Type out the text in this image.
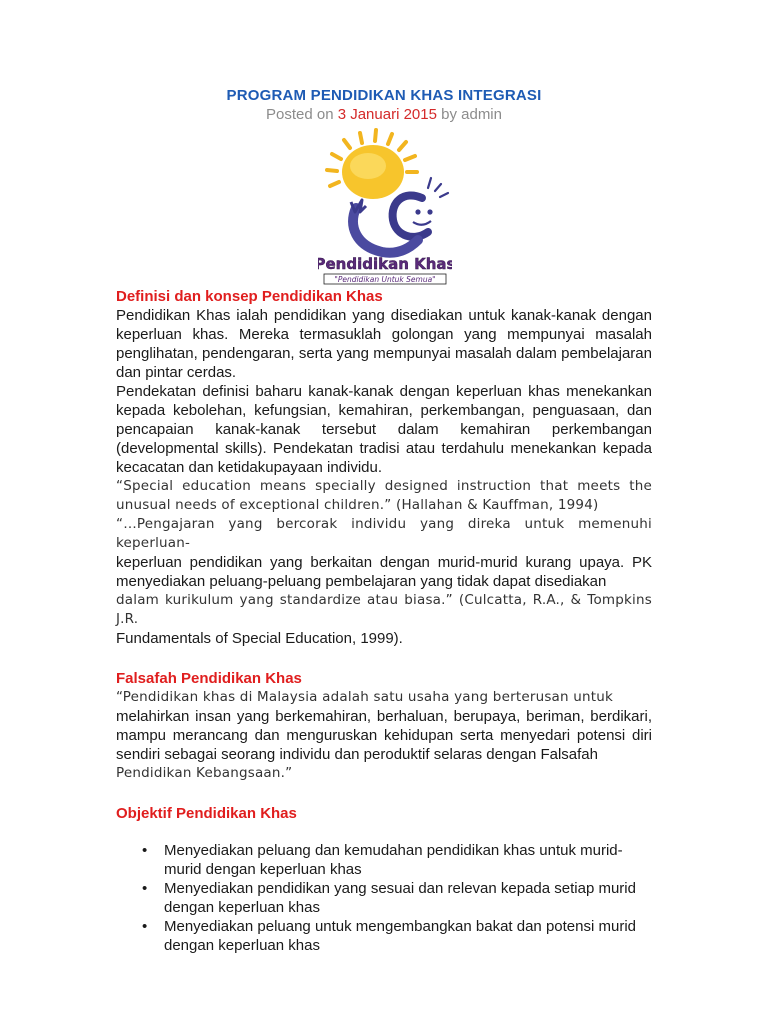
PROGRAM PENDIDIKAN KHAS INTEGRASI
Posted on 3 Januari 2015 by admin
Pendidikan Khas
"Pendidikan Untuk Semua"
Definisi dan konsep Pendidikan Khas

Pendidikan Khas ialah pendidikan yang disediakan untuk kanak-kanak dengan keperluan khas. Mereka termasuklah golongan yang mempunyai masalah penglihatan, pendengaran, serta yang mempunyai masalah dalam pembelajaran dan pintar cerdas.

Pendekatan definisi baharu kanak-kanak dengan keperluan khas menekankan kepada kebolehan, kefungsian, kemahiran, perkembangan, penguasaan, dan pencapaian kanak-kanak tersebut dalam kemahiran perkembangan (developmental skills). Pendekatan tradisi atau terdahulu menekankan kepada kecacatan dan ketidakupayaan individu.

“Special education means specially designed instruction that meets the unusual needs of exceptional children.” (Hallahan & Kauffman, 1994)

“…Pengajaran yang bercorak individu yang direka untuk memenuhi keperluan-

keperluan pendidikan yang berkaitan dengan murid-murid kurang upaya. PK menyediakan peluang-peluang pembelajaran yang tidak dapat disediakan

dalam kurikulum yang standardize atau biasa.” (Culcatta, R.A., & Tompkins J.R.

Fundamentals of Special Education, 1999).

Falsafah Pendidikan Khas

“Pendidikan khas di Malaysia adalah satu usaha yang berterusan untuk

melahirkan insan yang berkemahiran, berhaluan, berupaya, beriman, berdikari, mampu merancang dan menguruskan kehidupan serta menyedari potensi diri sendiri sebagai seorang individu dan peroduktif selaras dengan Falsafah

Pendidikan Kebangsaan.”

Objektif Pendidikan Khas
• Menyediakan peluang dan kemudahan pendidikan khas untuk murid-murid dengan keperluan khas
• Menyediakan pendidikan yang sesuai dan relevan kepada setiap murid dengan keperluan khas
• Menyediakan peluang untuk mengembangkan bakat dan potensi murid dengan keperluan khas
